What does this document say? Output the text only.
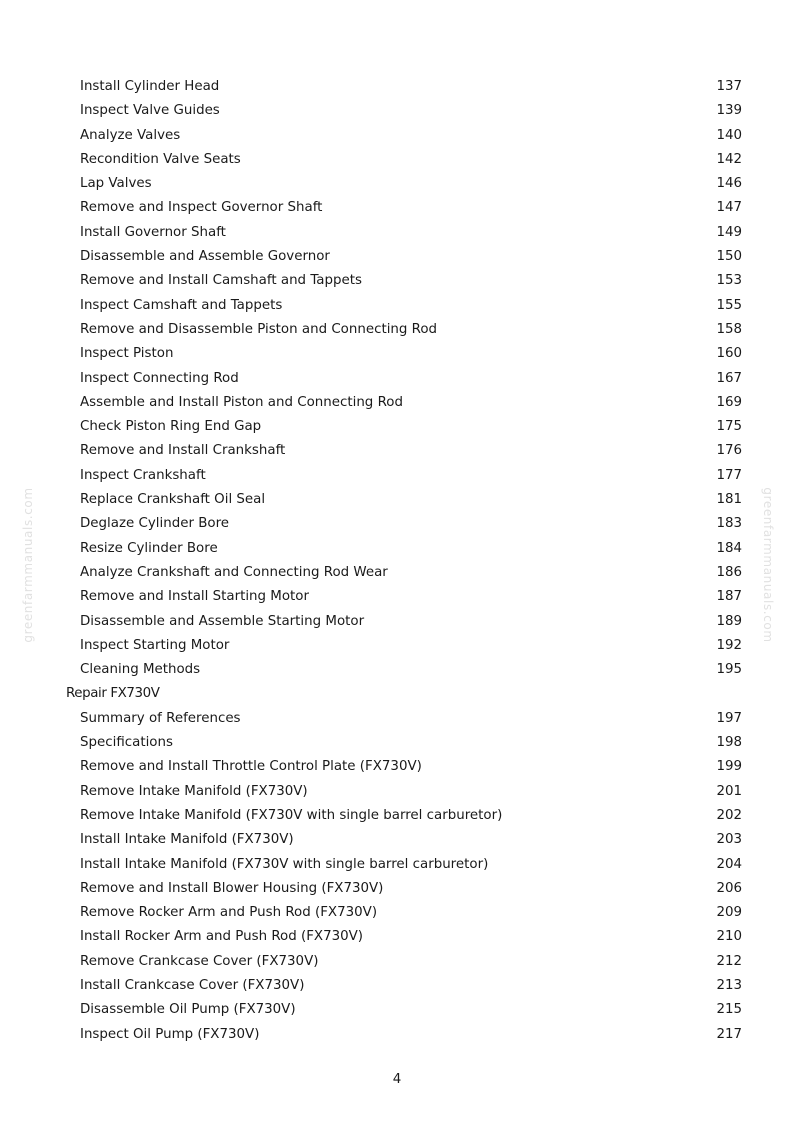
greenfarmmanuals.com	greenfarmmanuals.com
Install Cylinder Head	137
Inspect Valve Guides	139
Analyze Valves	140
Recondition Valve Seats	142
Lap Valves	146
Remove and Inspect Governor Shaft	147
Install Governor Shaft	149
Disassemble and Assemble Governor	150
Remove and Install Camshaft and Tappets	153
Inspect Camshaft and Tappets	155
Remove and Disassemble Piston and Connecting Rod	158
Inspect Piston	160
Inspect Connecting Rod	167
Assemble and Install Piston and Connecting Rod	169
Check Piston Ring End Gap	175
Remove and Install Crankshaft	176
Inspect Crankshaft	177
Replace Crankshaft Oil Seal	181
Deglaze Cylinder Bore	183
Resize Cylinder Bore	184
Analyze Crankshaft and Connecting Rod Wear	186
Remove and Install Starting Motor	187
Disassemble and Assemble Starting Motor	189
Inspect Starting Motor	192
Cleaning Methods	195
Repair FX730V
Summary of References	197
Specifications	198
Remove and Install Throttle Control Plate (FX730V)	199
Remove Intake Manifold (FX730V)	201
Remove Intake Manifold (FX730V with single barrel carburetor)	202
Install Intake Manifold (FX730V)	203
Install Intake Manifold (FX730V with single barrel carburetor)	204
Remove and Install Blower Housing (FX730V)	206
Remove Rocker Arm and Push Rod (FX730V)	209
Install Rocker Arm and Push Rod (FX730V)	210
Remove Crankcase Cover (FX730V)	212
Install Crankcase Cover (FX730V)	213
Disassemble Oil Pump (FX730V)	215
Inspect Oil Pump (FX730V)	217
4
